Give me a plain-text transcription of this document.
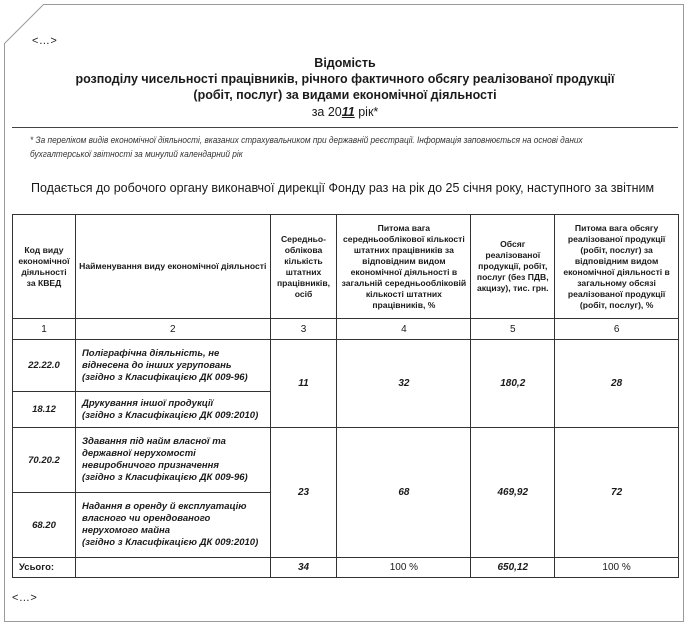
<…>
Відомість
розподілу чисельності працівників, річного фактичного обсягу реалізованої продукції
(робіт, послуг) за видами економічної діяльності
за 2011 рік*
* За переліком видів економічної діяльності, вказаних страхувальником при державній реєстрації. Інформація заповнюється на основі даних бухгалтерської звітності за минулий календарний рік
Подається до робочого органу виконавчої дирекції Фонду раз на рік до 25 січня року, наступного за звітним
Код виду економічної діяльності за КВЕД	Найменування виду економічної діяльності	Середньо-облікова кількість штатних працівників, осіб	Питома вага середньооблікової кількості штатних працівників за відповідним видом економічної діяльності в загальній середньообліковій кількості штатних працівників, %	Обсяг реалізованої продукції, робіт, послуг (без ПДВ, акцизу), тис. грн.	Питома вага обсягу реалізованої продукції (робіт, послуг) за відповідним видом економічної діяльності в загальному обсязі реалізованої продукції (робіт, послуг), %
1	2	3	4	5	6
22.22.0	Поліграфічна діяльність, не віднесена до інших угруповань
(згідно з Класифікацією ДК 009-96)	11	32	180,2	28
18.12	Друкування іншої продукції
(згідно з Класифікацією ДК 009:2010)				
70.20.2	Здавання під найм власної та державної нерухомості невиробничого призначення
(згідно з Класифікацією ДК 009-96)	23	68	469,92	72
68.20	Надання в оренду й експлуатацію власного чи орендованого нерухомого майна
(згідно з Класифікацією ДК 009:2010)				
Усього:		34	100 %	650,12	100 %
<…>
